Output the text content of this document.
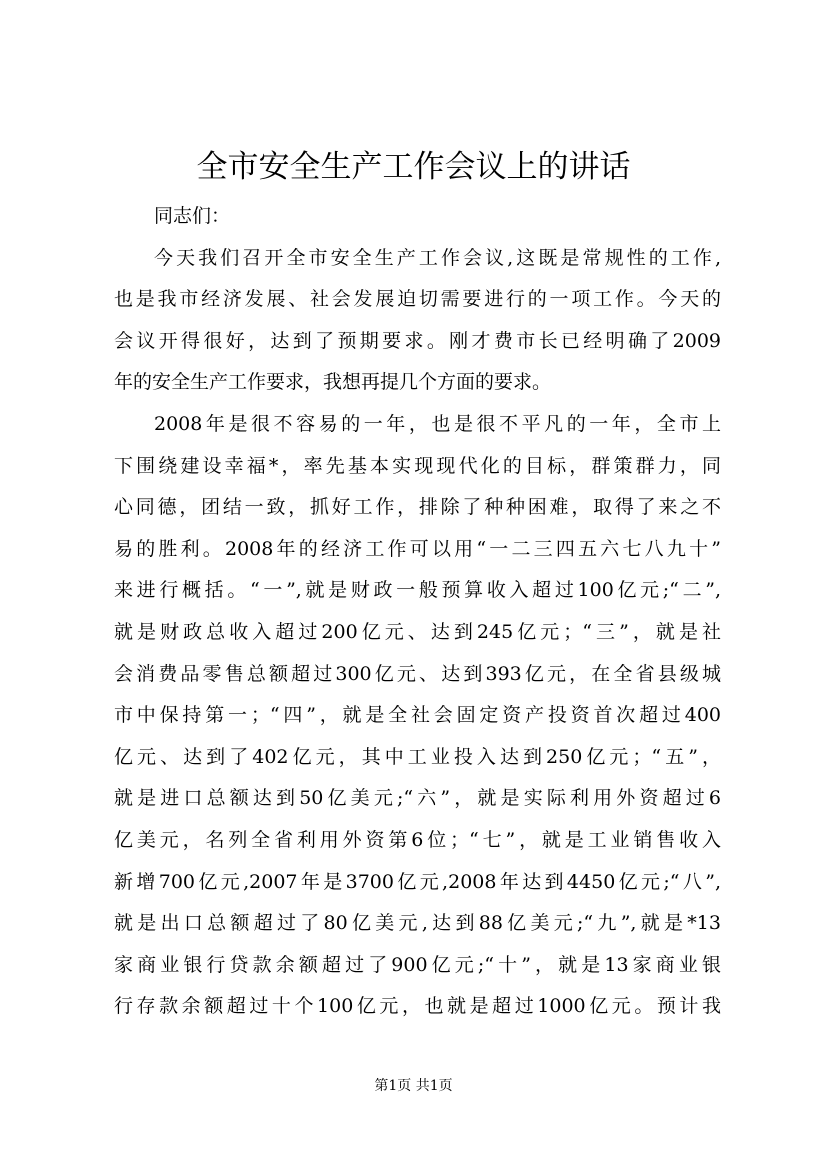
全市安全生产工作会议上的讲话
同志们：
今天我们召开全市安全生产工作会议,这既是常规性的工作,
也是我市经济发展、社会发展迫切需要进行的一项工作。今天的
会议开得很好，达到了预期要求。刚才费市长已经明确了2009
年的安全生产工作要求，我想再提几个方面的要求。
2008年是很不容易的一年，也是很不平凡的一年，全市上
下围绕建设幸福*，率先基本实现现代化的目标，群策群力，同
心同德，团结一致，抓好工作，排除了种种困难，取得了来之不
易的胜利。2008年的经济工作可以用“一二三四五六七八九十”
来进行概括。“一”,就是财政一般预算收入超过100亿元;“二”,
就是财政总收入超过200亿元、达到245亿元；“三”，就是社
会消费品零售总额超过300亿元、达到393亿元，在全省县级城
市中保持第一；“四”，就是全社会固定资产投资首次超过400
亿元、达到了402亿元，其中工业投入达到250亿元；“五”，
就是进口总额达到50亿美元;“六”，就是实际利用外资超过6
亿美元，名列全省利用外资第6位；“七”，就是工业销售收入
新增700亿元,2007年是3700亿元,2008年达到4450亿元;“八”,
就是出口总额超过了80亿美元,达到88亿美元;“九”,就是*13
家商业银行贷款余额超过了900亿元;“十”，就是13家商业银
行存款余额超过十个100亿元，也就是超过1000亿元。预计我
第1页 共1页
